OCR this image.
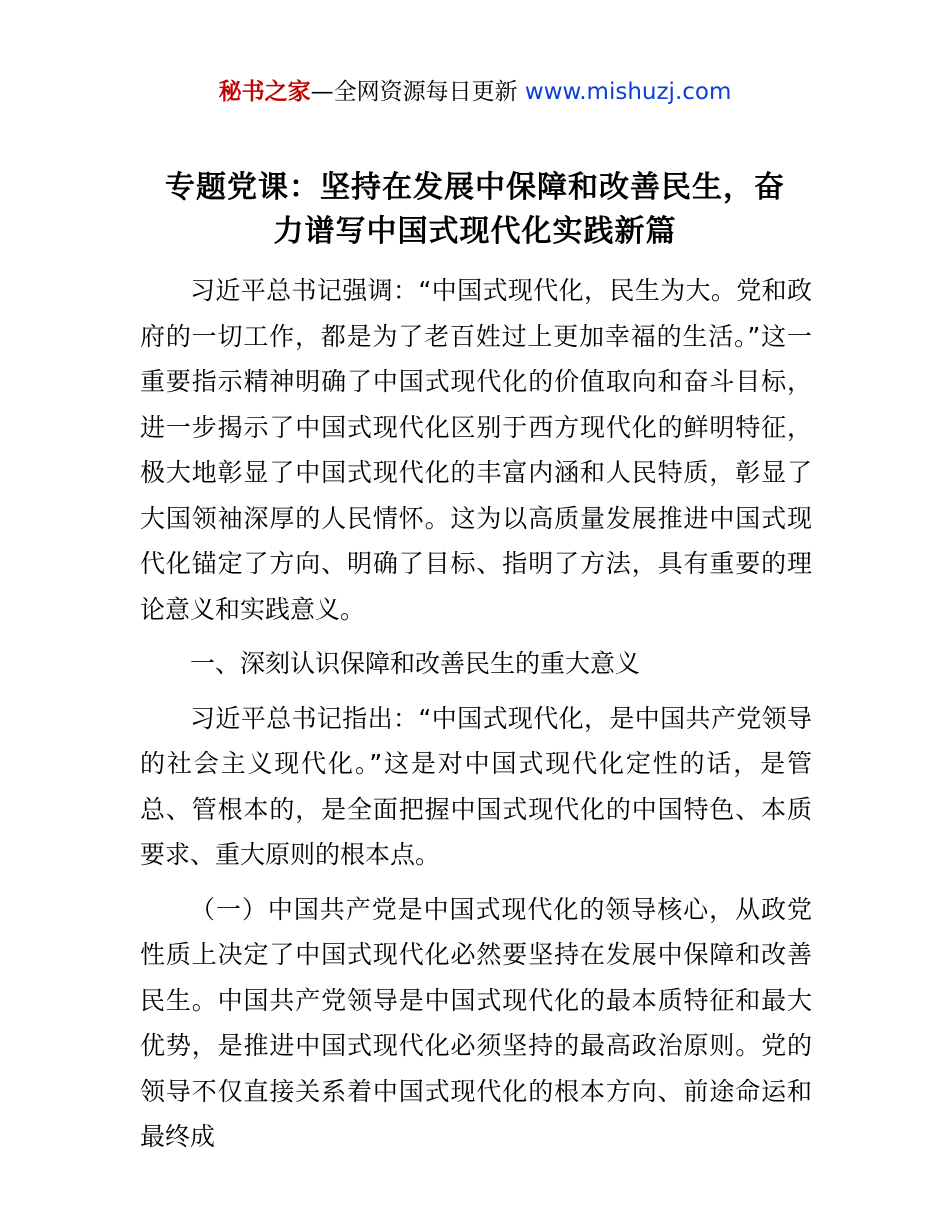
秘书之家—全网资源每日更新 www.mishuzj.com
专题党课：坚持在发展中保障和改善民生，奋
力谱写中国式现代化实践新篇

习近平总书记强调：“中国式现代化，民生为大。党和政府的一切工作，都是为了老百姓过上更加幸福的生活。”这一重要指示精神明确了中国式现代化的价值取向和奋斗目标，进一步揭示了中国式现代化区别于西方现代化的鲜明特征，极大地彰显了中国式现代化的丰富内涵和人民特质，彰显了大国领袖深厚的人民情怀。这为以高质量发展推进中国式现代化锚定了方向、明确了目标、指明了方法，具有重要的理论意义和实践意义。

一、深刻认识保障和改善民生的重大意义

习近平总书记指出：“中国式现代化，是中国共产党领导的社会主义现代化。”这是对中国式现代化定性的话，是管总、管根本的，是全面把握中国式现代化的中国特色、本质要求、重大原则的根本点。

（一）中国共产党是中国式现代化的领导核心，从政党性质上决定了中国式现代化必然要坚持在发展中保障和改善民生。中国共产党领导是中国式现代化的最本质特征和最大优势，是推进中国式现代化必须坚持的最高政治原则。党的领导不仅直接关系着中国式现代化的根本方向、前途命运和最终成
